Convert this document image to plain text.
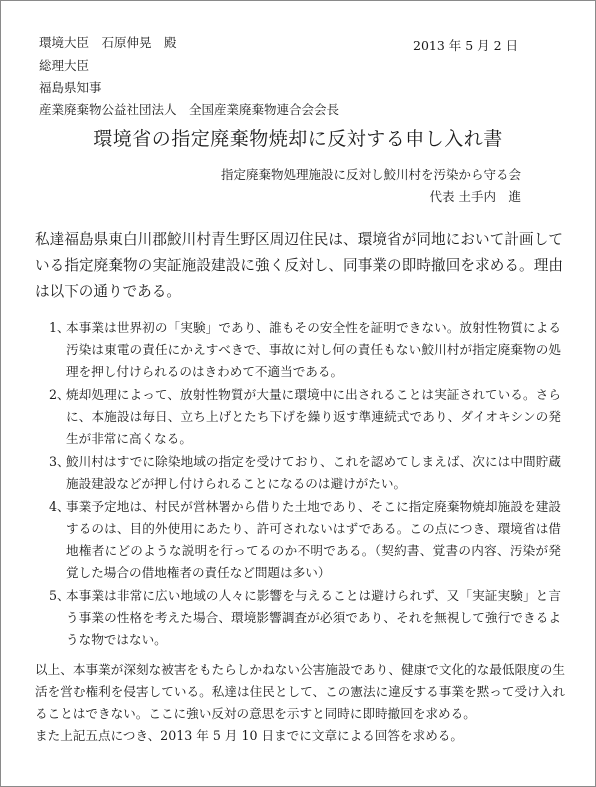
環境大臣　石原伸晃　殿
総理大臣
福島県知事
産業廃棄物公益社団法人　全国産業廃棄物連合会会長
2013 年 5 月 2 日
環境省の指定廃棄物焼却に反対する申し入れ書
指定廃棄物処理施設に反対し鮫川村を汚染から守る会
代表 土手内　進
私達福島県東白川郡鮫川村青生野区周辺住民は、環境省が同地において計画している指定廃棄物の実証施設建設に強く反対し、同事業の即時撤回を求める。理由は以下の通りである。
1、
本事業は世界初の「実験」であり、誰もその安全性を証明できない。放射性物質による汚染は東電の責任にかえすべきで、事故に対し何の責任もない鮫川村が指定廃棄物の処理を押し付けられるのはきわめて不適当である。
2、
焼却処理によって、放射性物質が大量に環境中に出されることは実証されている。さらに、本施設は毎日、立ち上げとたち下げを繰り返す準連続式であり、ダイオキシンの発生が非常に高くなる。
3、
鮫川村はすでに除染地域の指定を受けており、これを認めてしまえば、次には中間貯蔵施設建設などが押し付けられることになるのは避けがたい。
4、
事業予定地は、村民が営林署から借りた土地であり、そこに指定廃棄物焼却施設を建設するのは、目的外使用にあたり、許可されないはずである。この点につき、環境省は借地権者にどのような説明を行ってるのか不明である。（契約書、覚書の内容、汚染が発覚した場合の借地権者の責任など問題は多い）
5、
本事業は非常に広い地域の人々に影響を与えることは避けられず、又「実証実験」と言う事業の性格を考えた場合、環境影響調査が必須であり、それを無視して強行できるような物ではない。

以上、本事業が深刻な被害をもたらしかねない公害施設であり、健康で文化的な最低限度の生活を営む権利を侵害している。私達は住民として、この憲法に違反する事業を黙って受け入れることはできない。ここに強い反対の意思を示すと同時に即時撤回を求める。

また上記五点につき、2013 年 5 月 10 日までに文章による回答を求める。
